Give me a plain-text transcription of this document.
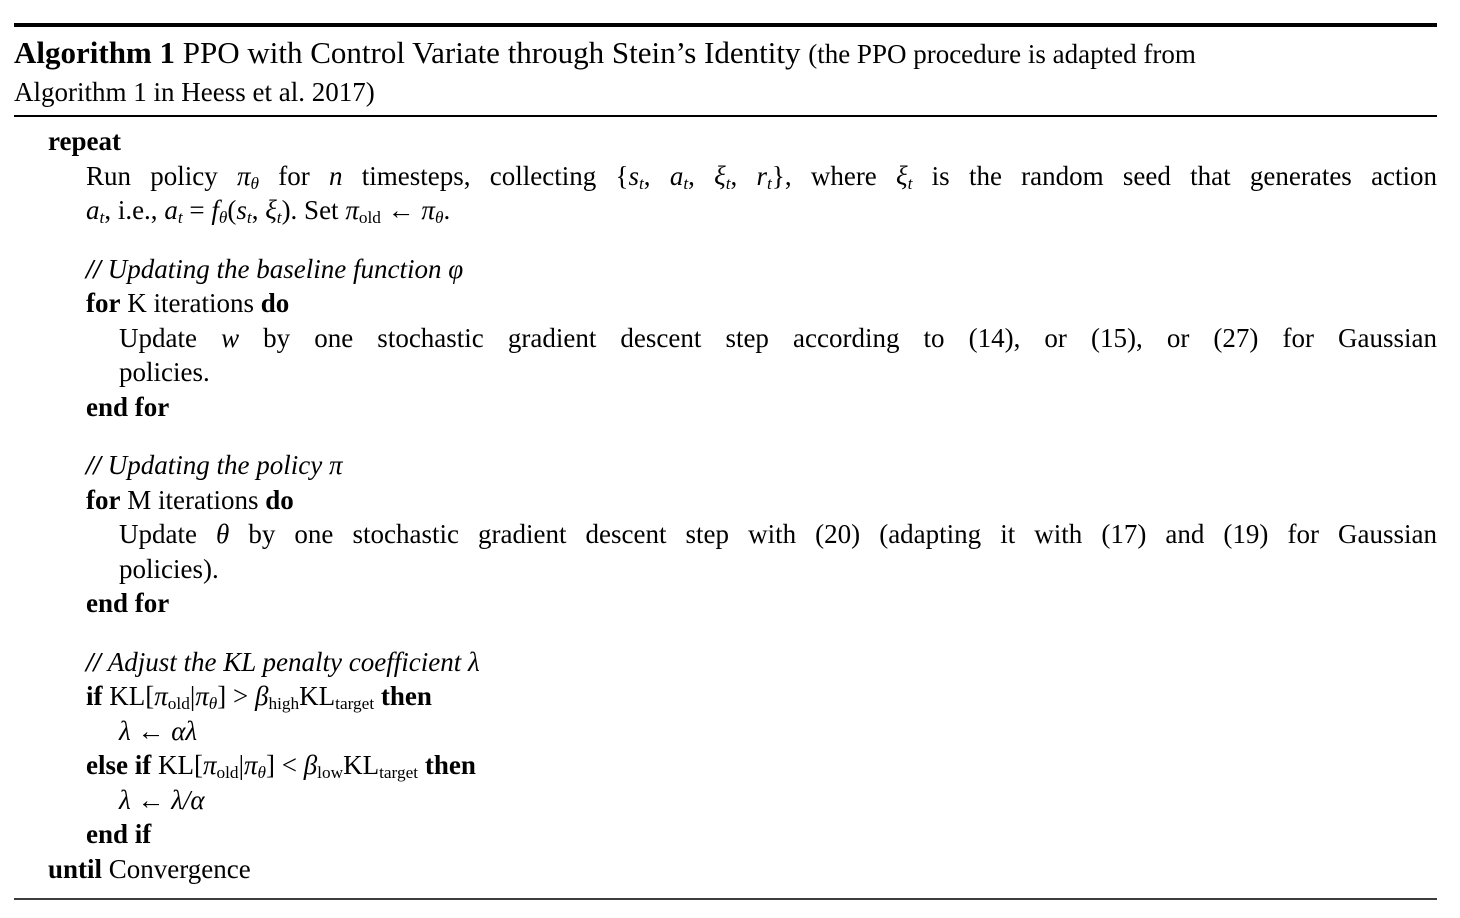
Algorithm 1 PPO with Control Variate through Stein’s Identity (the PPO procedure is adapted from
Algorithm 1 in Heess et al. 2017)
repeat
Run policy $\pi_\theta$ for n timesteps, collecting {$s_t$, $a_t$, $\xi_t$, $r_t$}, where $\xi_t$ is the random seed that generates action
$a_t$, i.e., $a_t = f_\theta(s_t$, $\xi_t$). Set $\pi_{old}$ ← $\pi_\theta$.
// Updating the baseline function φ
for K iterations do
Update w by one stochastic gradient descent step according to (14), or (15), or (27) for Gaussian
policies.
end for
// Updating the policy π
for M iterations do
Update θ by one stochastic gradient descent step with (20) (adapting it with (17) and (19) for Gaussian
policies).
end for
// Adjust the KL penalty coefficient λ
if $KL[\pi_{old}|\pi_\theta] > \beta_{high}KL_{target}$ then
λ ← αλ
else if $KL[\pi_{old}|\pi_\theta] < \beta_{low}KL_{target}$ then
λ ← λ/α
end if
until Convergence
